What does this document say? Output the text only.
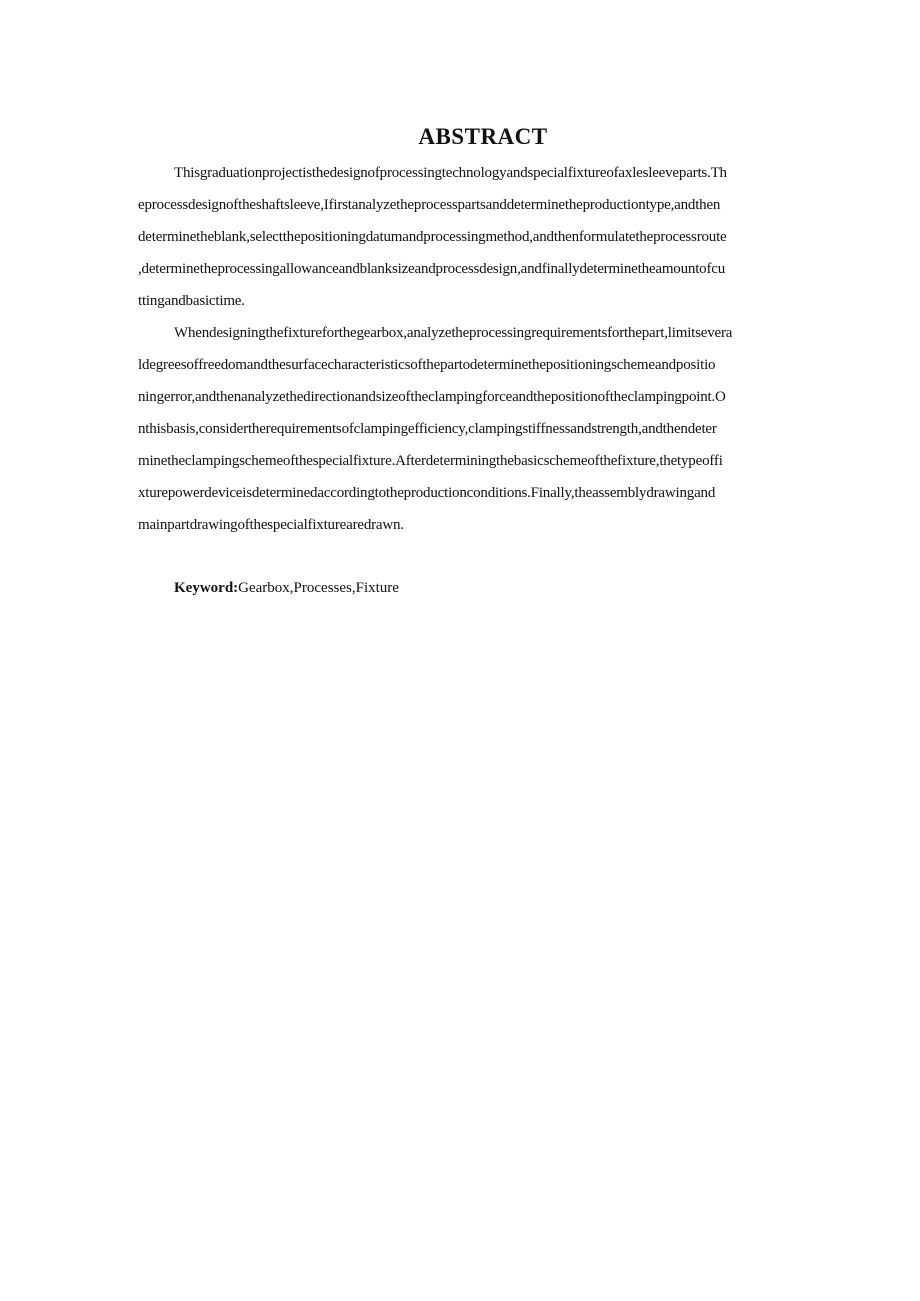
ABSTRACT
Thisgraduationprojectisthedesignofprocessingtechnologyandspecialfixtureofaxlesleeveparts.Th
eprocessdesignoftheshaftsleeve,Ifirstanalyzetheprocesspartsanddeterminetheproductiontype,andthen
determinetheblank,selectthepositioningdatumandprocessingmethod,andthenformulatetheprocessroute
,determinetheprocessingallowanceandblanksizeandprocessdesign,andfinallydeterminetheamountofcu
ttingandbasictime.
Whendesigningthefixtureforthegearbox,analyzetheprocessingrequirementsforthepart,limitsevera
ldegreesoffreedomandthesurfacecharacteristicsofthepartodeterminethepositioningschemeandpositio
ningerror,andthenanalyzethedirectionandsizeoftheclampingforceandthepositionoftheclampingpoint.O
nthisbasis,considertherequirementsofclampingefficiency,clampingstiffnessandstrength,andthendeter
minetheclampingschemeofthespecialfixture.Afterdeterminingthebasicschemeofthefixture,thetypeoffi
xturepowerdeviceisdeterminedaccordingtotheproductionconditions.Finally,theassemblydrawingand
mainpartdrawingofthespecialfixturearedrawn.
Keyword:Gearbox,Processes,Fixture
